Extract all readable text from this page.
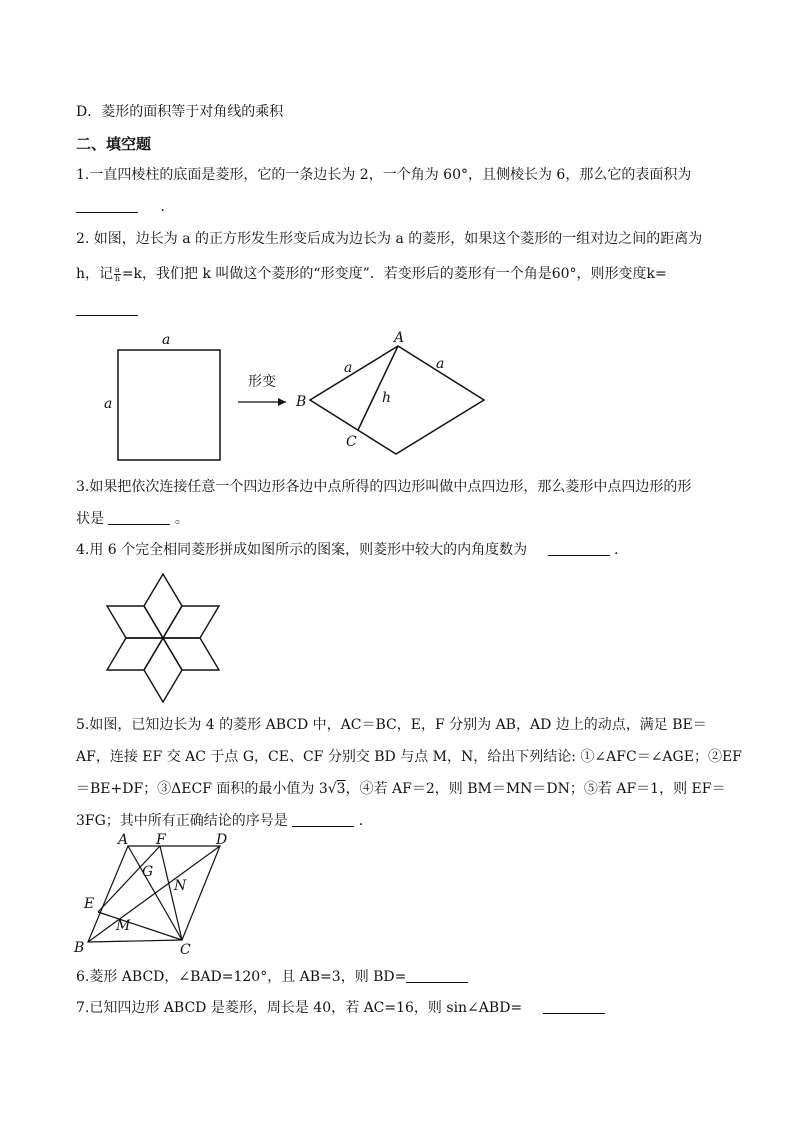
D．菱形的面积等于对角线的乘积
二、填空题
1.一直四棱柱的底面是菱形，它的一条边长为 2，一个角为 60°，且侧棱长为 6，那么它的表面积为
．
2. 如图，边长为 a 的正方形发生形变后成为边长为 a 的菱形，如果这个菱形的一组对边之间的距离为
h，记 $\frac{a}{h} =k$，我们把 k 叫做这个菱形的“形变度”．若变形后的菱形有一个角是60°，则形变度k=
a
a
形变
A
B
C
h
a	a
3.如果把依次连接任意一个四边形各边中点所得的四边形叫做中点四边形，那么菱形中点四边形的形
状是	。
4.用 6 个完全相同菱形拼成如图所示的图案，则菱形中较大的内角度数为	．
5.如图，已知边长为 4 的菱形 ABCD 中，AC＝BC，E，F 分别为 AB，AD 边上的动点，满足 BE＝
AF，连接 EF 交 AC 于点 G，CE、CF 分别交 BD 与点 M，N，给出下列结论: ①∠AFC＝∠AGE；②EF
＝BE+DF；③ΔECF 面积的最小值为 3√3，④若 AF＝2，则 BM＝MN＝DN；⑤若 AF＝1，则 EF＝
3FG；其中所有正确结论的序号是	．
A F	D
G
N
E
M
B	C
6.菱形 ABCD，∠BAD=120°，且 AB=3，则 BD=
7.已知四边形 ABCD 是菱形，周长是 40，若 AC=16，则 sin∠ABD=
